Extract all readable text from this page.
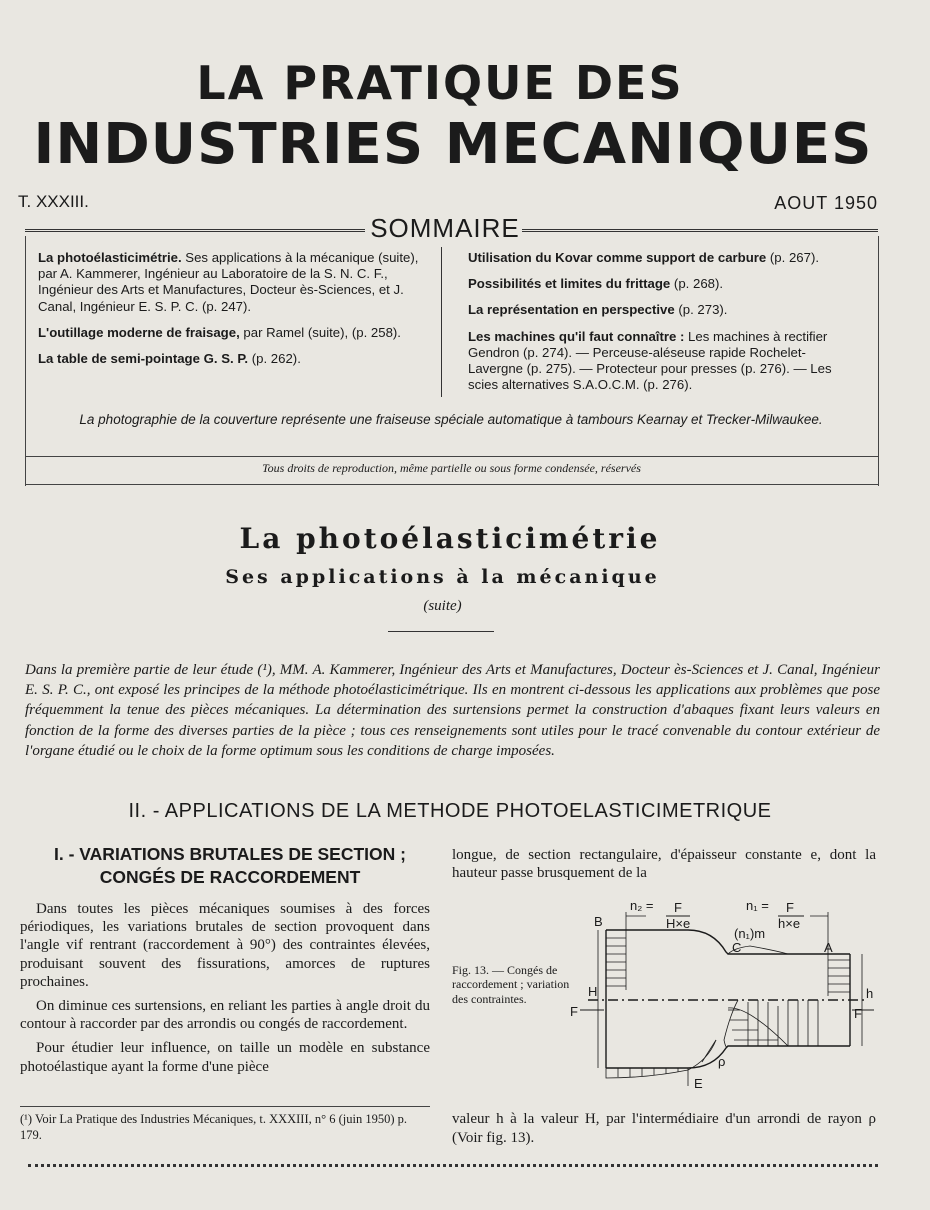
LA PRATIQUE DES
INDUSTRIES MECANIQUES
T. XXXIII.	AOUT 1950
SOMMAIRE

La photoélasticimétrie. Ses applications à la mécanique (suite), par A. Kammerer, Ingénieur au Laboratoire de la S. N. C. F., Ingénieur des Arts et Manufactures, Docteur ès-Sciences, et J. Canal, Ingénieur E. S. P. C. (p. 247).

L'outillage moderne de fraisage, par Ramel (suite), (p. 258).

La table de semi-pointage G. S. P. (p. 262).

Utilisation du Kovar comme support de carbure (p. 267).

Possibilités et limites du frittage (p. 268).

La représentation en perspective (p. 273).

Les machines qu'il faut connaître : Les machines à rectifier Gendron (p. 274). — Perceuse-aléseuse rapide Rochelet-Lavergne (p. 275). — Protecteur pour presses (p. 276). — Les scies alternatives S.A.O.C.M. (p. 276).

La photographie de la couverture représente une fraiseuse spéciale automatique à tambours Kearnay et Trecker-Milwaukee.
Tous droits de reproduction, même partielle ou sous forme condensée, réservés
La photoélasticimétrie
Ses applications à la mécanique
(suite)
Dans la première partie de leur étude (¹), MM. A. Kammerer, Ingénieur des Arts et Manufactures, Docteur ès-Sciences et J. Canal, Ingénieur E. S. P. C., ont exposé les principes de la méthode photoélasticimétrique. Ils en montrent ci-dessous les applications aux problèmes que pose fréquemment la tenue des pièces mécaniques. La détermination des surtensions permet la construction d'abaques fixant leurs valeurs en fonction de la forme des diverses parties de la pièce ; tous ces renseignements sont utiles pour le tracé convenable du contour extérieur de l'organe étudié ou le choix de la forme optimum sous les conditions de charge imposées.
II. - APPLICATIONS DE LA METHODE PHOTOELASTICIMETRIQUE
I. - VARIATIONS BRUTALES DE SECTION ;
CONGÉS DE RACCORDEMENT

Dans toutes les pièces mécaniques soumises à des forces périodiques, les variations brutales de section provoquent dans l'angle vif rentrant (raccordement à 90°) des contraintes élevées, produisant souvent des fissurations, amorces de ruptures prochaines.

On diminue ces surtensions, en reliant les parties à angle droit du contour à raccorder par des arrondis ou congés de raccordement.

Pour étudier leur influence, on taille un modèle en substance photoélastique ayant la forme d'une pièce

longue, de section rectangulaire, d'épaisseur constante e, dont la hauteur passe brusquement de la
Fig. 13. — Congés de raccordement ; variation des contraintes.
n₂ = F
H×e
n₁ = F
h×e
(n₁)m
B
C	A
E
H	h
F	F
ρ
(¹) Voir La Pratique des Industries Mécaniques, t. XXXIII, n° 6 (juin 1950) p. 179.
valeur h à la valeur H, par l'intermédiaire d'un arrondi de rayon ρ (Voir fig. 13).
